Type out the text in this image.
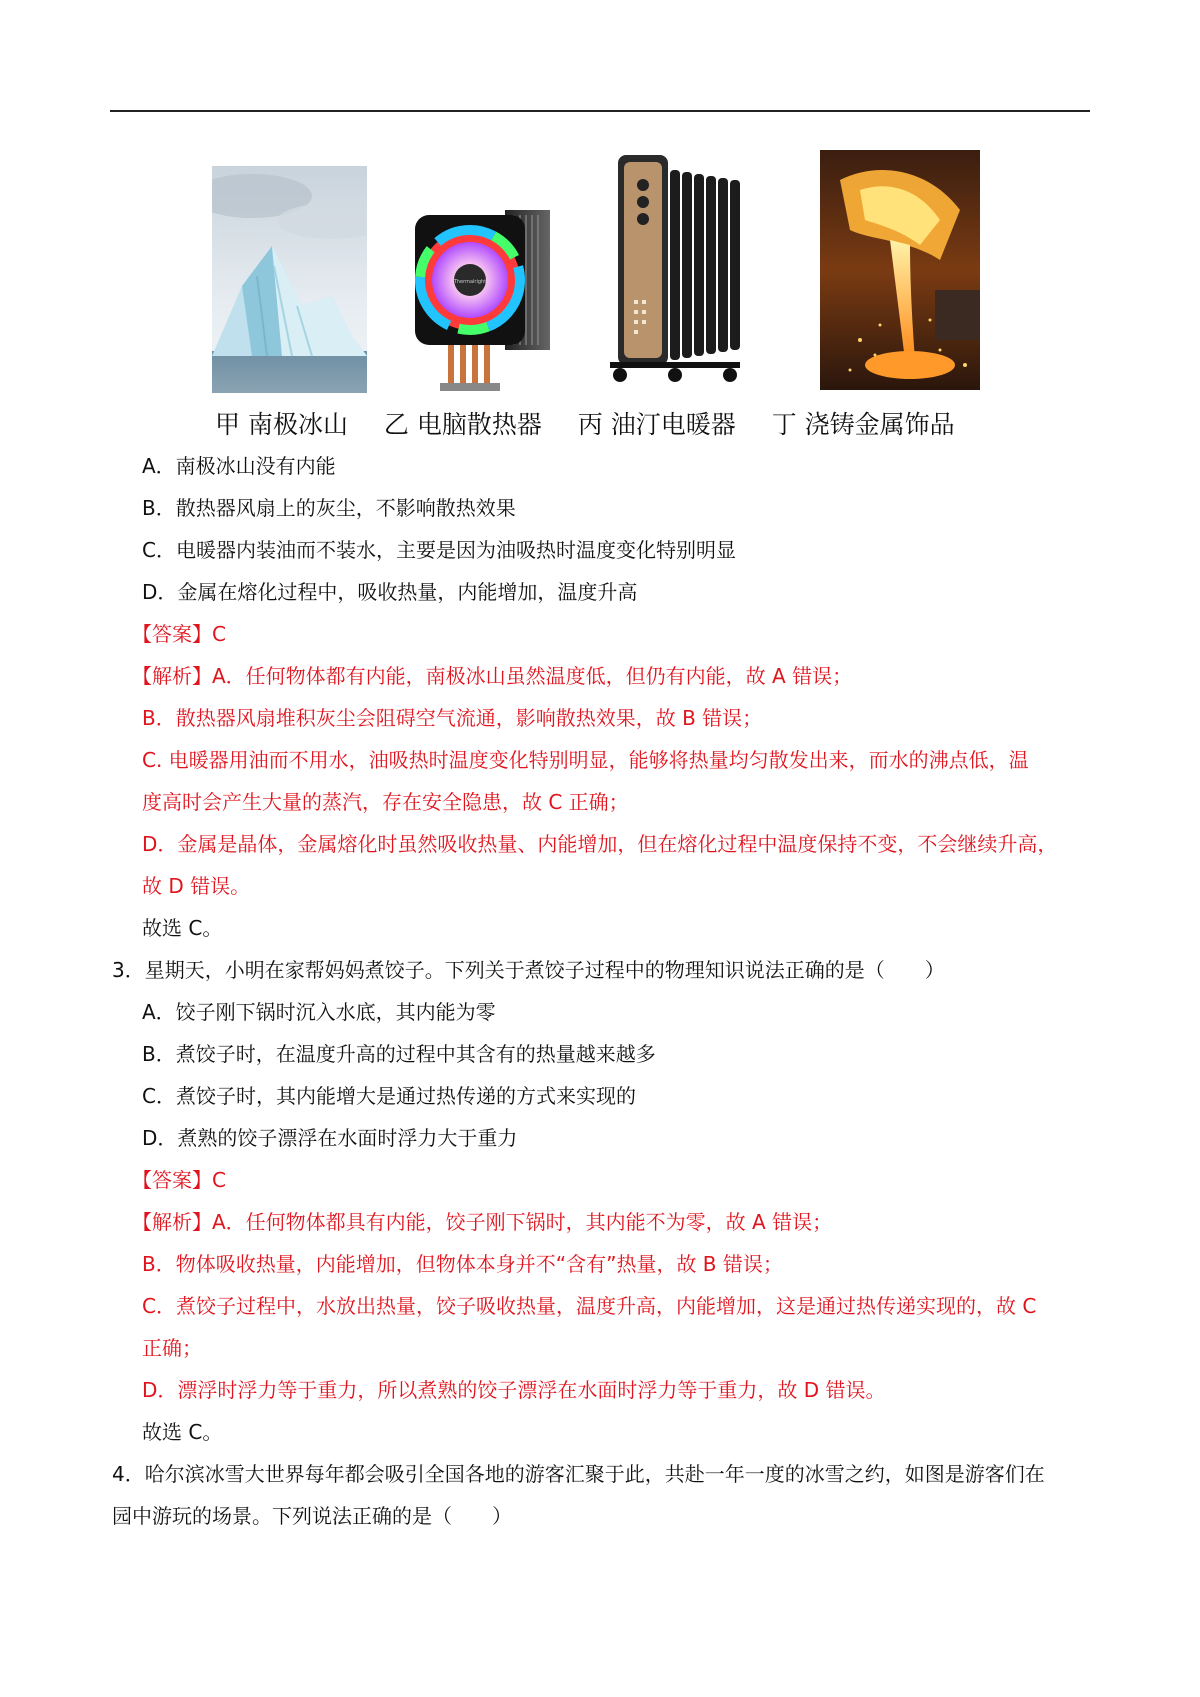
Thermalright
甲 南极冰山 乙 电脑散热器 丙 油汀电暖器 丁 浇铸金属饰品
A．南极冰山没有内能
B．散热器风扇上的灰尘，不影响散热效果
C．电暖器内装油而不装水，主要是因为油吸热时温度变化特别明显
D．金属在熔化过程中，吸收热量，内能增加，温度升高
【答案】C
【解析】A．任何物体都有内能，南极冰山虽然温度低，但仍有内能，故 A 错误；
B．散热器风扇堆积灰尘会阻碍空气流通，影响散热效果，故 B 错误；
C. 电暖器用油而不用水，油吸热时温度变化特别明显，能够将热量均匀散发出来，而水的沸点低，温
度高时会产生大量的蒸汽，存在安全隐患，故 C 正确；
D．金属是晶体，金属熔化时虽然吸收热量、内能增加，但在熔化过程中温度保持不变，不会继续升高，
故 D 错误。
故选 C。
3．星期天，小明在家帮妈妈煮饺子。下列关于煮饺子过程中的物理知识说法正确的是（　　）
A．饺子刚下锅时沉入水底，其内能为零
B．煮饺子时，在温度升高的过程中其含有的热量越来越多
C．煮饺子时，其内能增大是通过热传递的方式来实现的
D．煮熟的饺子漂浮在水面时浮力大于重力
【答案】C
【解析】A．任何物体都具有内能，饺子刚下锅时，其内能不为零，故 A 错误；
B．物体吸收热量，内能增加，但物体本身并不“含有”热量，故 B 错误；
C．煮饺子过程中，水放出热量，饺子吸收热量，温度升高，内能增加，这是通过热传递实现的，故 C
正确；
D．漂浮时浮力等于重力，所以煮熟的饺子漂浮在水面时浮力等于重力，故 D 错误。
故选 C。
4．哈尔滨冰雪大世界每年都会吸引全国各地的游客汇聚于此，共赴一年一度的冰雪之约，如图是游客们在
园中游玩的场景。下列说法正确的是（　　）
